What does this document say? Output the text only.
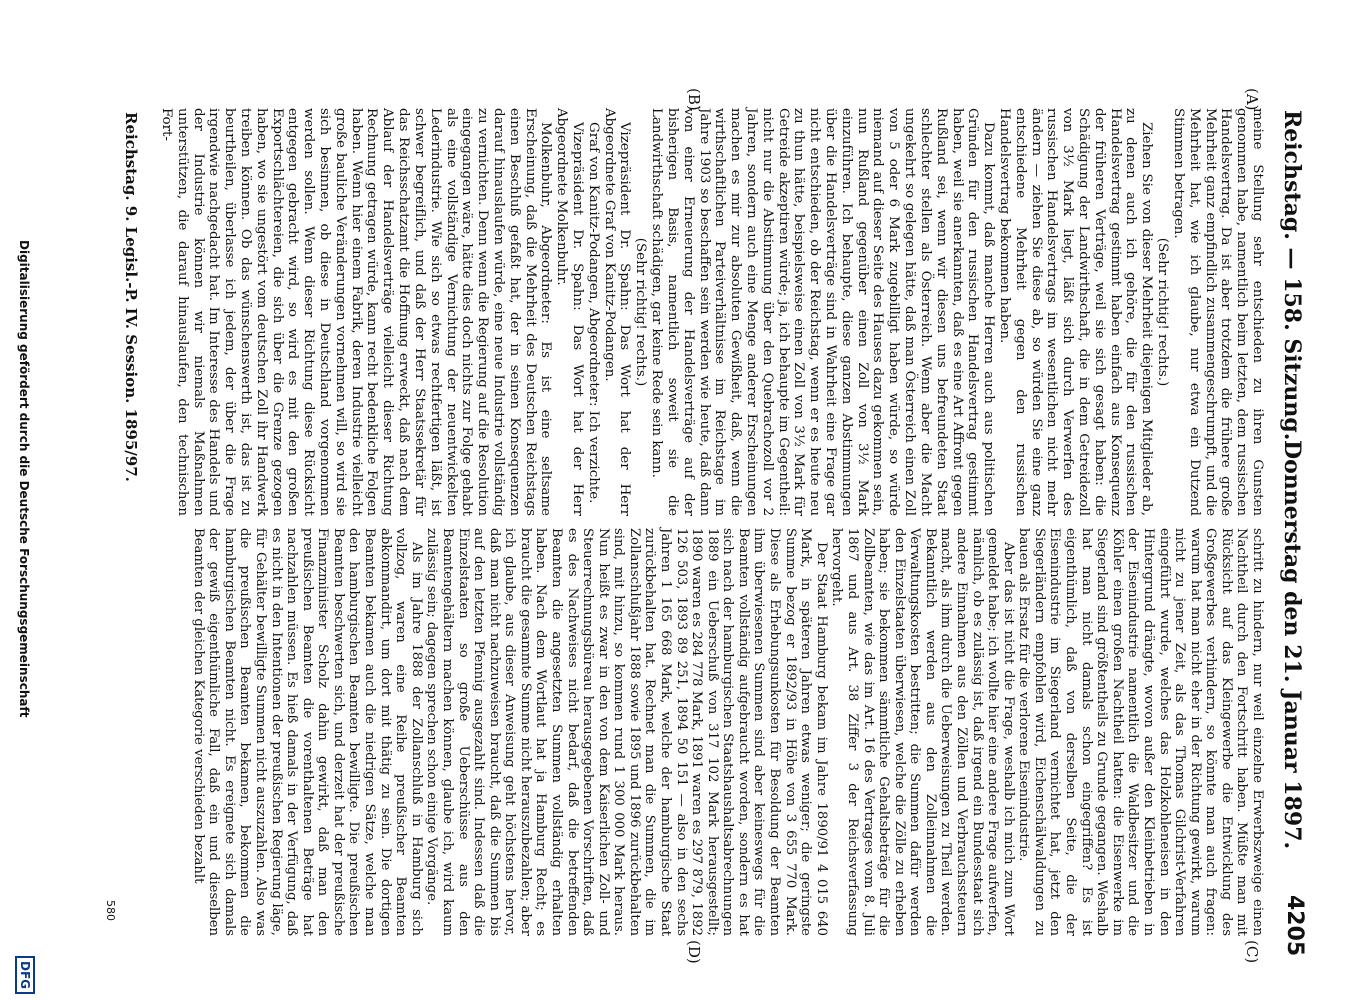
Reichstag. — 158. Sitzung.
Donnerstag den 21. Januar 1897.
4205
(A)
(B)
(C)
(D)

meine Stellung sehr entschieden zu ihren Gunsten genommen habe, namentlich beim letzten, dem russischen Handelsvertrag. Da ist aber trotzdem die frühere große Mehrheit ganz empfindlich zusammengeschrumpft, und die Mehrheit hat, wie ich glaube, nur etwa ein Dutzend Stimmen betragen.

(Sehr richtig! rechts.)

Ziehen Sie von dieser Mehrheit diejenigen Mitglieder ab, zu denen auch ich gehöre, die für den russischen Handelsvertrag gestimmt haben einfach aus Konsequenz der früheren Verträge, weil sie sich gesagt haben: die Schädigung der Landwirthschaft, die in dem Getreidezoll von 3½ Mark liegt, läßt sich durch Verwerfen des russischen Handelsvertrags im wesentlichen nicht mehr ändern — ziehen Sie diese ab, so würden Sie eine ganz entschiedene Mehrheit gegen den russischen Handelsvertrag bekommen haben.

Dazu kommt, daß manche Herren auch aus politischen Gründen für den russischen Handelsvertrag gestimmt haben, weil sie anerkannten, daß es eine Art Affront gegen Rußland sei, wenn wir diesen uns befreundeten Staat schlechter stellen als Österreich. Wenn aber die Macht ungekehrt so gelegen hätte, daß man Österreich einen Zoll von 5 oder 6 Mark zugebilligt haben würde, so würde niemand auf dieser Seite des Hauses dazu gekommen sein, nun Rußland gegenüber einen Zoll von 3½ Mark einzuführen. Ich behaupte, diese ganzen Abstimmungen über die Handelsverträge sind in Wahrheit eine Frage gar nicht entschieden, ob der Reichstag, wenn er es heute neu zu thun hätte, beispielsweise einen Zoll von 3½ Mark für Getreide akzeptiren würde; ja, ich behaupte im Gegentheil: nicht nur die Abstimmung über den Quebrachozoll vor 2 Jahren, sondern auch eine Menge anderer Erscheinungen machen es mir zur absoluten Gewißheit, daß, wenn die wirthschaftlichen Parteiverhältnisse im Reichstage im Jahre 1903 so beschaffen sein werden wie heute, daß dann von einer Erneuerung der Handelsverträge auf der bisherigen Basis, namentlich soweit sie die Landwirthschaft schädigen, gar keine Rede sein kann.

(Sehr richtig! rechts.)

Vizepräsident Dr. Spahn: Das Wort hat der Herr Abgeordnete Graf von Kanitz-Podangen.

Graf von Kanitz-Podangen, Abgeordneter: Ich verzichte.

Vizepräsident Dr. Spahn: Das Wort hat der Herr Abgeordnete Molkenbuhr.

Molkenbuhr, Abgeordneter: Es ist eine seltsame Erscheinung, daß die Mehrheit des Deutschen Reichstags einen Beschluß gefaßt hat, der in seinen Konsequenzen darauf hinauslaufen würde, eine neue Industrie vollständig zu vernichten. Denn wenn die Regierung auf die Resolution eingegangen wäre, hätte dies doch nichts zur Folge gehabt als eine vollständige Vernichtung der neuentwickelten Lederindustrie. Wie sich so etwas rechtfertigen läßt, ist schwer begreiflich, und daß der Herr Staatssekretär für das Reichsschatzamt die Hoffnung erweckt, daß nach dem Ablauf der Handelsverträge vielleicht dieser Richtung Rechnung getragen würde, kann recht bedenkliche Folgen haben. Wenn hier einem Fabrik, deren Industrie vielleicht große bauliche Veränderungen vornehmen will, so wird sie sich besinnen, ob diese in Deutschland vorgenommen werden sollen. Wenn dieser Richtung diese Rücksicht entgegen gebracht wird, so wird es mit den großen Exportschlächtereien, die sich über die Grenze gezogen haben, wo sie ungestört vom deutschen Zoll ihr Handwerk treiben können. Ob das wünschenswerth ist, das ist zu beurtheilen, überlasse ich jedem, der über die Frage irgendwie nachgedacht hat. Im Interesse des Handels und der Industrie können wir niemals Maßnahmen unterstützen, die darauf hinauslaufen, den technischen Fort-

schritt zu hindern, nur weil einzelne Erwerbszweige einen Nachtheil durch den Fortschritt haben. Müßte man mit Rücksicht auf das Kleingewerbe die Entwicklung des Großgewerbes verhindern, so könnte man auch fragen: warum hat man nicht eher in der Richtung gewirkt, warum nicht zu jener Zeit, als das Thomas Gilchrist-Verfahren eingeführt wurde, welches das Holzkohleneisen in den Hintergrund drängte, wovon außer den Kleinbetrieben in der Eisenindustrie namentlich die Waldbesitzer und die Köhler einen großen Nachtheil hatten: die Eisenwerke im Siegerland sind größtentheils zu Grunde gegangen. Weshalb hat man nicht damals schon eingegriffen? Es ist eigenthümlich, daß von derselben Seite, die der Eisenindustrie im Siegerland vernichtet hat, jetzt den Siegerländern empfohlen wird, Eichenschälwaldungen zu bauen als Ersatz für die verlorene Eisenindustrie.

Aber das ist nicht die Frage, weshalb ich mich zum Wort gemeldet habe; ich wollte hier eine andere Frage aufwerfen, nämlich, ob es zulässig ist, daß irgend ein Bundesstaat sich andere Einnahmen aus den Zöllen und Verbrauchssteuern macht, als ihm durch die Ueberweisungen zu Theil werden. Bekanntlich werden aus den Zolleinnahmen die Verwaltungskosten bestritten; die Summen dafür werden den Einzelstaaten überwiesen, welche die Zölle zu erheben haben; sie bekommen sämmtliche Gehaltsbeträge für die Zollbeamten, wie das im Art. 16 des Vertrages vom 8. Juli 1867 und aus Art. 38 Ziffer 3 der Reichsverfassung hervorgeht.

Der Staat Hamburg bekam im Jahre 1890/91 4 015 640 Mark, in späteren Jahren etwas weniger; die geringste Summe bezog er 1892/93 in Höhe von 3 655 770 Mark. Diese als Erhebungsunkosten für Besoldung der Beamten ihm überwiesenen Summen sind aber keineswegs für die Beamten vollständig aufgebraucht worden, sondern es hat sich nach der hamburgischen Staatshaushaltsabrechnungen 1889 ein Ueberschuß von 317 102 Mark herausgestellt; 1890 waren es 284 778 Mark, 1891 waren es 297 879, 1892 126 503, 1893 89 251, 1894 50 151 — also in den sechs Jahren 1 165 668 Mark, welche der hamburgische Staat zurückbehalten hat. Rechnet man die Summen, die im Zollanschlußjahr 1888 sowie 1895 und 1896 zurückbehalten sind, mit hinzu, so kommen rund 1 300 000 Mark heraus. Nun heißt es zwar in den von dem Kaiserlichen Zoll- und Steuerrechnungsbüreau herausgegebenen Vorschriften, daß es des Nachweises nicht bedarf, daß die betreffenden Beamten die angesetzten Summen vollständig erhalten haben. Nach dem Wortlaut hat ja Hamburg Recht; es braucht die gesammte Summe nicht herauszubezahlen; aber ich glaube, aus dieser Anweisung geht höchstens hervor, daß man nicht nachzuweisen braucht, daß die Summen bis auf den letzten Pfennig ausgezahlt sind. Indessen daß die Einzelstaaten so große Ueberschüsse aus den Beamtengehältern machen können, glaube ich, wird kaum zulässig sein; dagegen sprechen schon einige Vorgänge.

Als im Jahre 1888 der Zollanschluß in Hamburg sich vollzog, waren eine Reihe preußischer Beamten abkommandirt, um dort mit thätig zu sein. Die dortigen Beamten bekamen auch die niedrigen Sätze, welche man den hamburgischen Beamten bewilligte. Die preußischen Beamten beschwerten sich, und derzeit hat der preußische Finanzminister Scholz dahin gewirkt, daß man den preußischen Beamten die vorenthaltenen Beträge hat nachzahlen müssen. Es hieß damals in der Verfügung, daß es nicht in den Intentionen der preußischen Regierung läge, für Gehälter bewilligte Summen nicht auszuzahlen. Also was die preußischen Beamten bekamen, bekommen die hamburgischen Beamten nicht. Es ereignete sich damals der gewiß eigenthümliche Fall, daß ein und dieselben Beamten der gleichen Kategorie verschieden bezahlt

580
Reichstag. 9. Legisl.-P. IV. Session. 1895/97.
Digitalisierung gefördert durch die Deutsche Forschungsgemeinschaft
DFG
